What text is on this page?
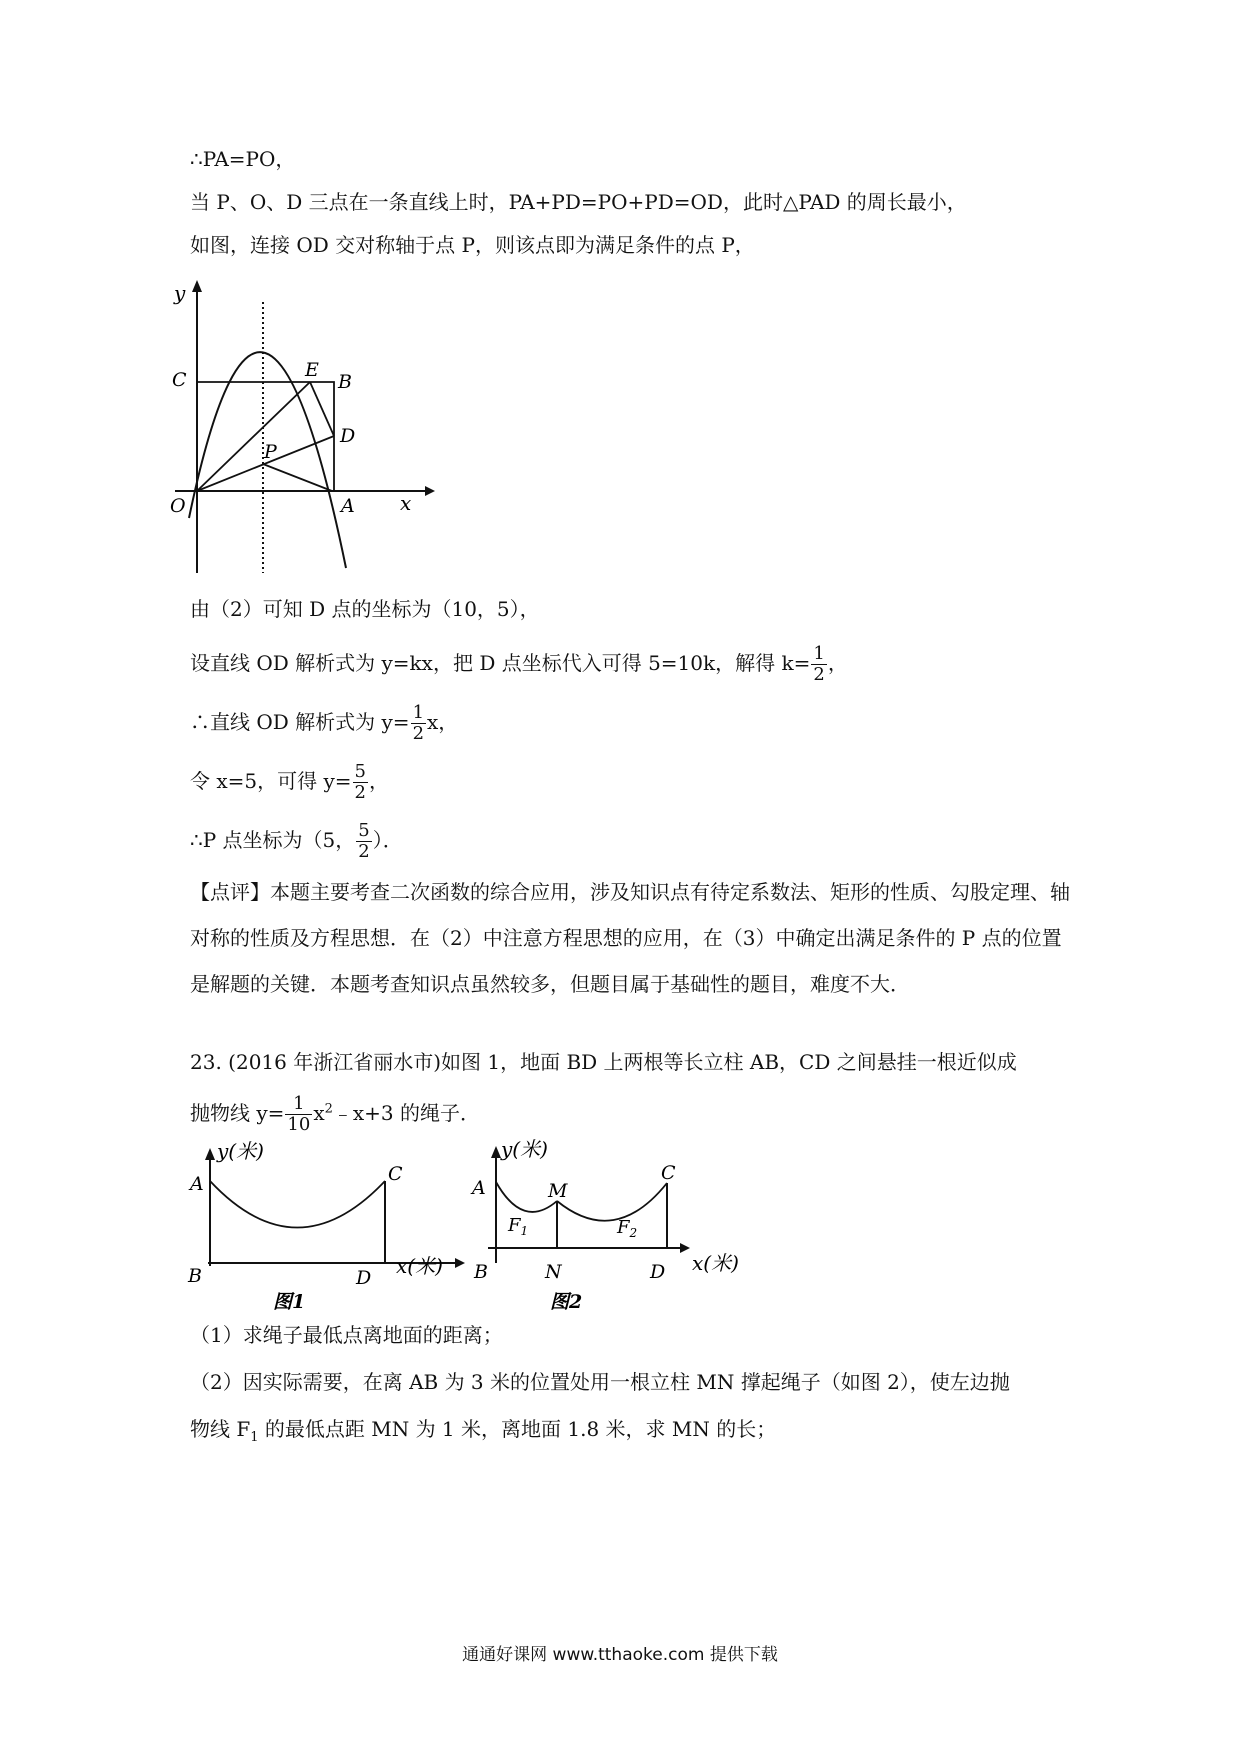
∴PA=PO，
当 P、O、D 三点在一条直线上时，PA+PD=PO+PD=OD，此时△PAD 的周长最小，
如图，连接 OD 交对称轴于点 P，则该点即为满足条件的点 P，
y
x
O	A
C	B
E
D
P
由（2）可知 D 点的坐标为（10，5），
设直线 OD 解析式为 y=kx，把 D 点坐标代入可得 5=10k，解得 $k= \frac{1}{2}$ ，
∴直线 OD 解析式为 $y= \frac{1}{2}$ x，
令 x=5，可得 $y= \frac{5}{2}$ ，
∴P 点坐标为（5， $\frac{5}{2}$ ）．
【点评】本题主要考查二次函数的综合应用，涉及知识点有待定系数法、矩形的性质、勾股定理、轴对称的性质及方程思想．在（2）中注意方程思想的应用，在（3）中确定出满足条件的 P 点的位置是解题的关键．本题考查知识点虽然较多，但题目属于基础性的题目，难度不大．
23. (2016 年浙江省丽水市)如图 1，地面 BD 上两根等长立柱 AB，CD 之间悬挂一根近似成
抛物线 $y= \frac{1}{10}$ $x^2﹣x+3$ 的绳子．
y(米)
x(米)
A
B
C
D
图1
y(米)
x(米)
A
B
C
D
M
N
$F_1$	$F_2$
图2
（1）求绳子最低点离地面的距离；
（2）因实际需要，在离 AB 为 3 米的位置处用一根立柱 MN 撑起绳子（如图 2），使左边抛
物线 $F_1$ 的最低点距 MN 为 1 米，离地面 1.8 米，求 MN 的长；
通通好课网 www.tthaoke.com 提供下载
